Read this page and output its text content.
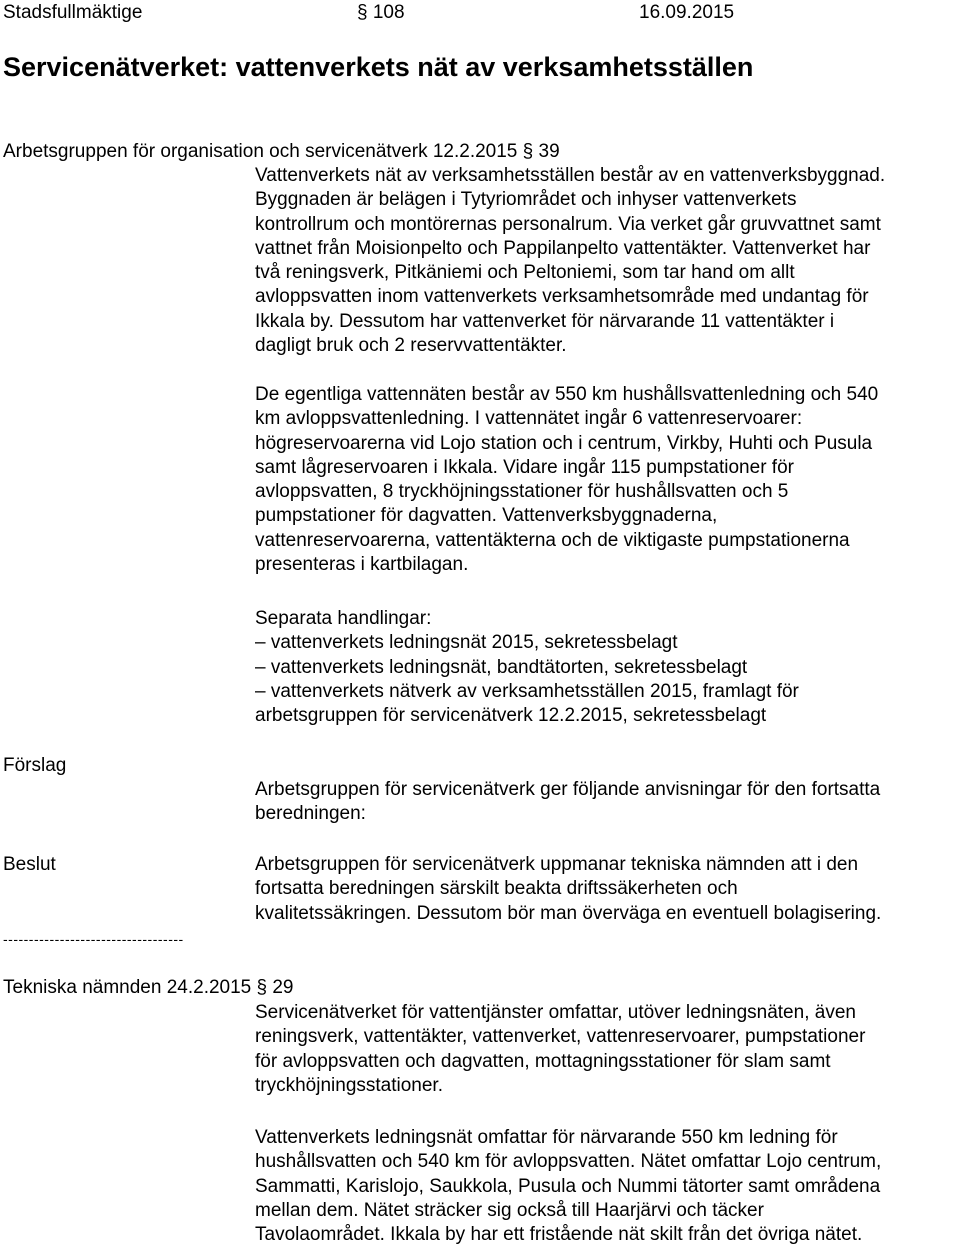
Stadsfullmäktige	§ 108	16.09.2015
Servicenätverket: vattenverkets nät av verksamhetsställen
Arbetsgruppen för organisation och servicenätverk 12.2.2015 § 39

Vattenverkets nät av verksamhetsställen består av en vattenverksbyggnad.

Byggnaden är belägen i Tytyriområdet och inhyser vattenverkets

kontrollrum och montörernas personalrum. Via verket går gruvvattnet samt

vattnet från Moisionpelto och Pappilanpelto vattentäkter. Vattenverket har

två reningsverk, Pitkäniemi och Peltoniemi, som tar hand om allt

avloppsvatten inom vattenverkets verksamhetsområde med undantag för

Ikkala by. Dessutom har vattenverket för närvarande 11 vattentäkter i

dagligt bruk och 2 reservvattentäkter.

De egentliga vattennäten består av 550 km hushållsvattenledning och 540

km avloppsvattenledning. I vattennätet ingår 6 vattenreservoarer:

högreservoarerna vid Lojo station och i centrum, Virkby, Huhti och Pusula

samt lågreservoaren i Ikkala. Vidare ingår 115 pumpstationer för

avloppsvatten, 8 tryckhöjningsstationer för hushållsvatten och 5

pumpstationer för dagvatten. Vattenverksbyggnaderna,

vattenreservoarerna, vattentäkterna och de viktigaste pumpstationerna

presenteras i kartbilagan.

Separata handlingar:

– vattenverkets ledningsnät 2015, sekretessbelagt

– vattenverkets ledningsnät, bandtätorten, sekretessbelagt

– vattenverkets nätverk av verksamhetsställen 2015, framlagt för

arbetsgruppen för servicenätverk 12.2.2015, sekretessbelagt

Förslag

Arbetsgruppen för servicenätverk ger följande anvisningar för den fortsatta

beredningen:

Beslut	Arbetsgruppen för servicenätverk uppmanar tekniska nämnden att i den

fortsatta beredningen särskilt beakta driftssäkerheten och

kvalitetssäkringen. Dessutom bör man överväga en eventuell bolagisering.

-----------------------------------
Tekniska nämnden 24.2.2015 § 29

Servicenätverket för vattentjänster omfattar, utöver ledningsnäten, även

reningsverk, vattentäkter, vattenverket, vattenreservoarer, pumpstationer

för avloppsvatten och dagvatten, mottagningsstationer för slam samt

tryckhöjningsstationer.

Vattenverkets ledningsnät omfattar för närvarande 550 km ledning för

hushållsvatten och 540 km för avloppsvatten. Nätet omfattar Lojo centrum,

Sammatti, Karislojo, Saukkola, Pusula och Nummi tätorter samt områdena

mellan dem. Nätet sträcker sig också till Haarjärvi och täcker

Tavolaområdet. Ikkala by har ett fristående nät skilt från det övriga nätet.
